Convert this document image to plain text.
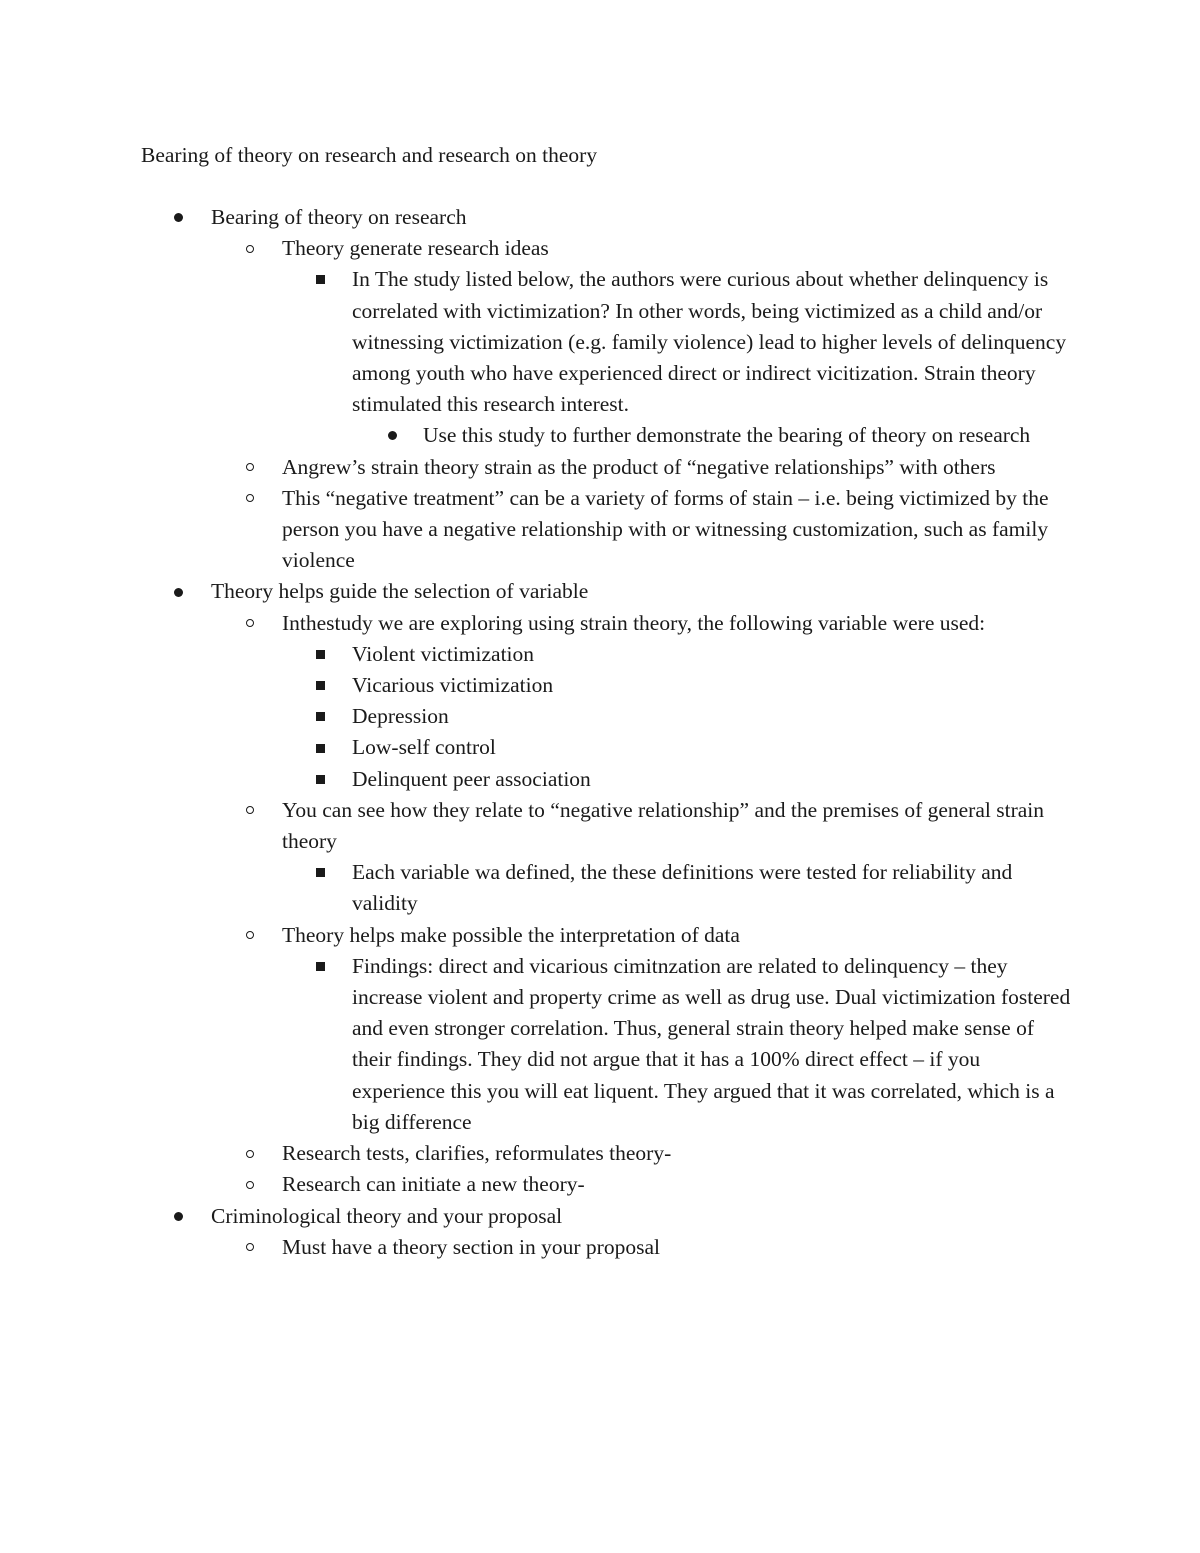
Bearing of theory on research and research on theory
Bearing of theory on research
Theory generate research ideas
In The study listed below, the authors were curious about whether delinquency is correlated with victimization? In other words, being victimized as a child and/or witnessing victimization (e.g. family violence) lead to higher levels of delinquency among youth who have experienced direct or indirect vicitization. Strain theory stimulated this research interest.
Use this study to further demonstrate the bearing of theory on research
Angrew’s strain theory strain as the product of “negative relationships” with others
This “negative treatment” can be a variety of forms of stain – i.e. being victimized by the person you have a negative relationship with or witnessing customization, such as family violence
Theory helps guide the selection of variable
Inthestudy we are exploring using strain theory, the following variable were used:
Violent victimization
Vicarious victimization
Depression
Low-self control
Delinquent peer association
You can see how they relate to “negative relationship” and the premises of general strain theory
Each variable wa defined, the these definitions were tested for reliability and validity
Theory helps make possible the interpretation of data
Findings: direct and vicarious cimitnzation are related to delinquency – they increase violent and property crime as well as drug use. Dual victimization fostered and even stronger correlation. Thus, general strain theory helped make sense of their findings. They did not argue that it has a 100% direct effect – if you experience this you will eat liquent. They argued that it was correlated, which is a big difference
Research tests, clarifies, reformulates theory-
Research can initiate a new theory-
Criminological theory and your proposal
Must have a theory section in your proposal
